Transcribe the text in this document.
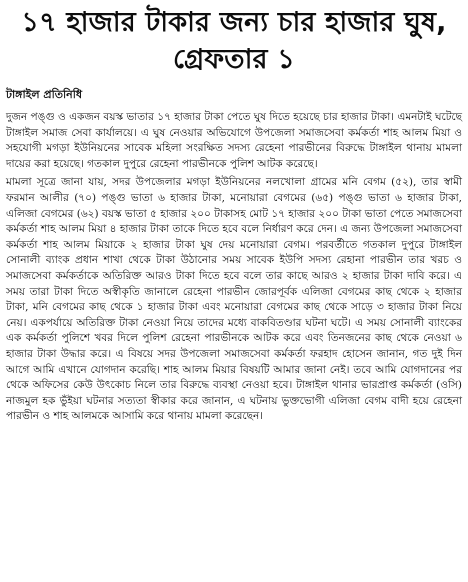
১৭ হাজার টাকার জন্য চার হাজার ঘুষ, গ্রেফতার ১
টাঙ্গাইল প্রতিনিধি

দুজন পঙ্গু ও একজন বয়স্ক ভাতার ১৭ হাজার টাকা পেতে ঘুষ দিতে হয়েছে চার হাজার টাকা। এমনটাই ঘটেছে টাঙ্গাইল সমাজ সেবা কার্যালয়ে। এ ঘুষ নেওয়ার অভিযোগে উপজেলা সমাজসেবা কর্মকর্তা শাহ আলম মিয়া ও সহযোগী মগড়া ইউনিয়নের সাবেক মহিলা সংরক্ষিত সদস্য রেহেনা পারভীনের বিরুদ্ধে টাঙ্গাইল থানায় মামলা দায়ের করা হয়েছে। গতকাল দুপুরে রেহেনা পারভীনকে পুলিশ আটক করেছে।

মামলা সূত্রে জানা যায়, সদর উপজেলার মগড়া ইউনিয়নের নলখোলা গ্রামের মনি বেগম (৫২), তার স্বামী ফরমান আলীর (৭০) পঙ্গু ভাতা ৬ হাজার টাকা, মনোয়ারা বেগমের (৬৫) পঙ্গু ভাতা ৬ হাজার টাকা, এলিজা বেগমের (৬২) বয়স্ক ভাতা ৫ হাজার ২০০ টাকাসহ মোট ১৭ হাজার ২০০ টাকা ভাতা পেতে সমাজসেবা কর্মকর্তা শাহ আলম মিয়া ৪ হাজার টাকা তাকে দিতে হবে বলে নির্ধারণ করে দেন। এ জন্য উপজেলা সমাজসেবা কর্মকর্তা শাহ আলম মিয়াকে ২ হাজার টাকা ঘুষ দেয় মনোয়ারা বেগম। পরবর্তীতে গতকাল দুপুরে টাঙ্গাইল সোনালী ব্যাংক প্রধান শাখা থেকে টাকা উঠানোর সময় সাবেক ইউপি সদস্য রেহানা পারভীন তার খরচ ও সমাজসেবা কর্মকর্তাকে অতিরিক্ত আরও টাকা দিতে হবে বলে তার কাছে আরও ২ হাজার টাকা দাবি করে। এ সময় তারা টাকা দিতে অস্বীকৃতি জানালে রেহেনা পারভীন জোরপূর্বক এলিজা বেগমের কাছ থেকে ২ হাজার টাকা, মনি বেগমের কাছ থেকে ১ হাজার টাকা এবং মনোয়ারা বেগমের কাছ থেকে সাড়ে ৩ হাজার টাকা নিয়ে নেয়। একপর্যায়ে অতিরিক্ত টাকা নেওয়া নিয়ে তাদের মধ্যে বাকবিতণ্ডার ঘটনা ঘটে। এ সময় সোনালী ব্যাংকের এক কর্মকর্তা পুলিশে খবর দিলে পুলিশ রেহেনা পারভীনকে আটক করে এবং তিনজনের কাছ থেকে নেওয়া ৬ হাজার টাকা উদ্ধার করে। এ বিষয়ে সদর উপজেলা সমাজসেবা কর্মকর্তা ফরহাদ হোসেন জানান, গত দুই দিন আগে আমি এখানে যোগদান করেছি। শাহ আলম মিয়ার বিষয়টি আমার জানা নেই। তবে আমি যোগদানের পর থেকে অফিসের কেউ উৎকোচ নিলে তার বিরুদ্ধে ব্যবস্থা নেওয়া হবে। টাঙ্গাইল থানার ভারপ্রাপ্ত কর্মকর্তা (ওসি) নাজমুল হক ভুঁইয়া ঘটনার সত্যতা স্বীকার করে জানান, এ ঘটনায় ভুক্তভোগী এলিজা বেগম বাদী হয়ে রেহেনা পারভীন ও শাহ আলমকে আসামি করে থানায় মামলা করেছেন।
